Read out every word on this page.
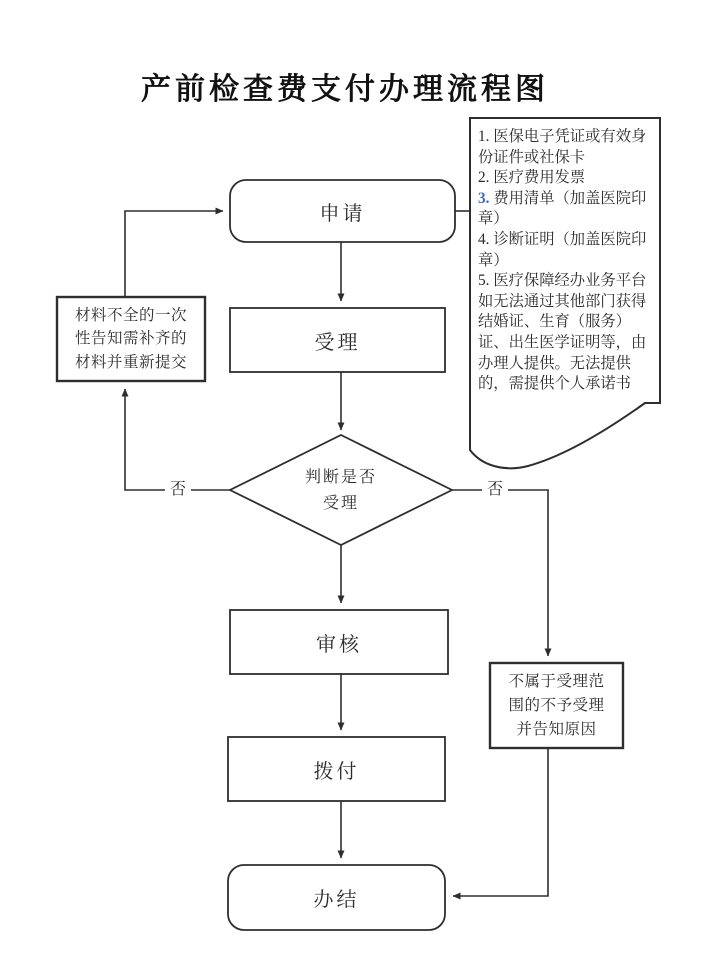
产前检查费支付办理流程图
申请
受理
判断是否
受理
审核
拨付
办结
否	否
材料不全的一次性告知需补齐的材料并重新提交
不属于受理范围的不予受理并告知原因
1. 医保电子凭证或有效身份证件或社保卡
2. 医疗费用发票
3. 费用清单（加盖医院印章）
4. 诊断证明（加盖医院印章）
5. 医疗保障经办业务平台如无法通过其他部门获得结婚证、生育（服务）证、出生医学证明等，由办理人提供。无法提供的，需提供个人承诺书
